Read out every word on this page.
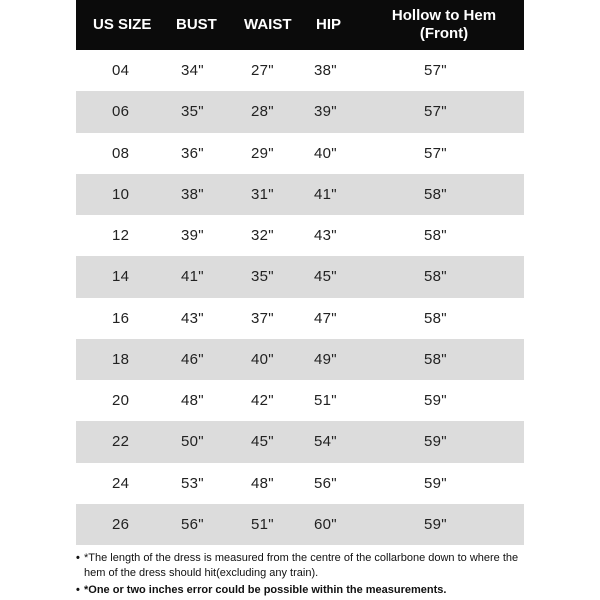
US SIZE	BUST	WAIST	HIP	Hollow to Hem
(Front)
04	34"	27"	38"	57"
06	35"	28"	39"	57"
08	36"	29"	40"	57"
10	38"	31"	41"	58"
12	39"	32"	43"	58"
14	41"	35"	45"	58"
16	43"	37"	47"	58"
18	46"	40"	49"	58"
20	48"	42"	51"	59"
22	50"	45"	54"	59"
24	53"	48"	56"	59"
26	56"	51"	60"	59"

• *The length of the dress is measured from the centre of the collarbone down to where the hem of the dress should hit(excluding any train).

• *One or two inches error could be possible within the measurements.
